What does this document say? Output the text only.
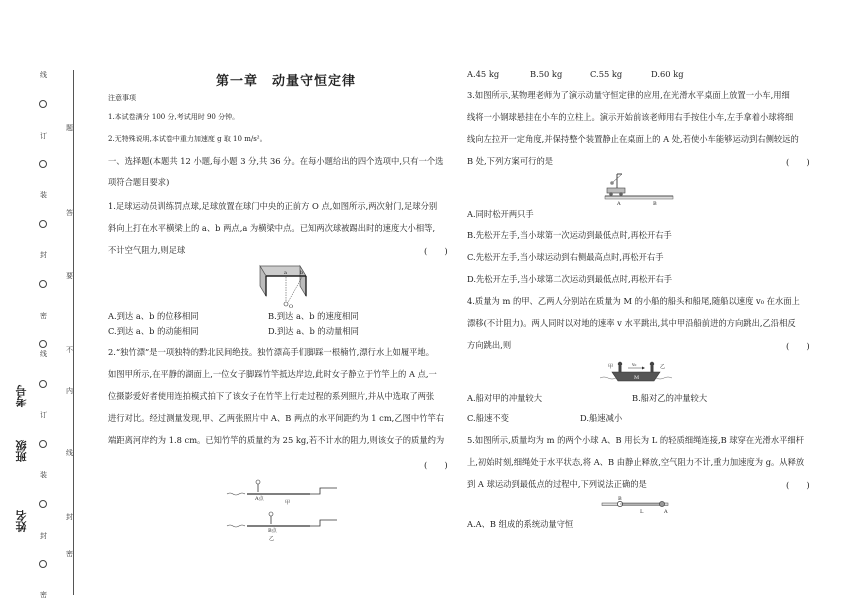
线
订
装
封
密
线
订
装
封
密
题
答
要
不
内
线
封
密
考号
班级
姓名
第一章　动量守恒定律
注意事项
1.本试卷满分 100 分,考试用时 90 分钟。
2.无特殊说明,本试卷中重力加速度 g 取 10 m/s²。
一、选择题(本题共 12 小题,每小题 3 分,共 36 分。在每小题给出的四个选项中,只有一个选
项符合题目要求)
1.足球运动员训练罚点球,足球放置在球门中央的正前方 O 点,如图所示,两次射门,足球分别
斜向上打在水平横梁上的 a、b 两点,a 为横梁中点。已知两次球被踢出时的速度大小相等,
不计空气阻力,则足球	(　　)
a	b
O
A.到达 a、b 的位移相同	B.到达 a、b 的速度相同
C.到达 a、b 的动能相同	D.到达 a、b 的动量相同
2.“独竹漂”是一项独特的黔北民间绝技。独竹漂高手们脚踩一根楠竹,漂行水上如履平地。
如图甲所示,在平静的湖面上,一位女子脚踩竹竿抵达岸边,此时女子静立于竹竿上的 A 点,一
位摄影爱好者使用连拍模式拍下了该女子在竹竿上行走过程的系列照片,并从中选取了两张
进行对比。经过测量发现,甲、乙两张照片中 A、B 两点的水平间距约为 1 cm,乙图中竹竿右
端距离河岸约为 1.8 cm。已知竹竿的质量约为 25 kg,若不计水的阻力,则该女子的质量约为
(　　)
A点
甲
B点
乙
A.45 kg	B.50 kg	C.55 kg	D.60 kg
3.如图所示,某物理老师为了演示动量守恒定律的应用,在光滑水平桌面上放置一小车,用细
线将一小钢球悬挂在小车的立柱上。演示开始前该老师用右手按住小车,左手拿着小球将细
线向左拉开一定角度,并保持整个装置静止在桌面上的 A 处,若使小车能够运动到右侧较远的
B 处,下列方案可行的是	(　　)
A	B
A.同时松开两只手
B.先松开左手,当小球第一次运动到最低点时,再松开右手
C.先松开左手,当小球运动到右侧最高点时,再松开右手
D.先松开左手,当小球第二次运动到最低点时,再松开右手
4.质量为 m 的甲、乙两人分别站在质量为 M 的小船的船头和船尾,随船以速度 v₀ 在水面上
漂移(不计阻力)。两人同时以对地的速率 v 水平跳出,其中甲沿船前进的方向跳出,乙沿相反
方向跳出,则	(　　)
甲	乙
v₀
M
A.船对甲的冲量较大	B.船对乙的冲量较大
C.船速不变	D.船速减小
5.如图所示,质量均为 m 的两个小球 A、B 用长为 L 的轻质细绳连接,B 球穿在光滑水平细杆
上,初始时刻,细绳处于水平状态,将 A、B 由静止释放,空气阻力不计,重力加速度为 g。从释放
到 A 球运动到最低点的过程中,下列说法正确的是	(　　)
B
L	A
A.A、B 组成的系统动量守恒
